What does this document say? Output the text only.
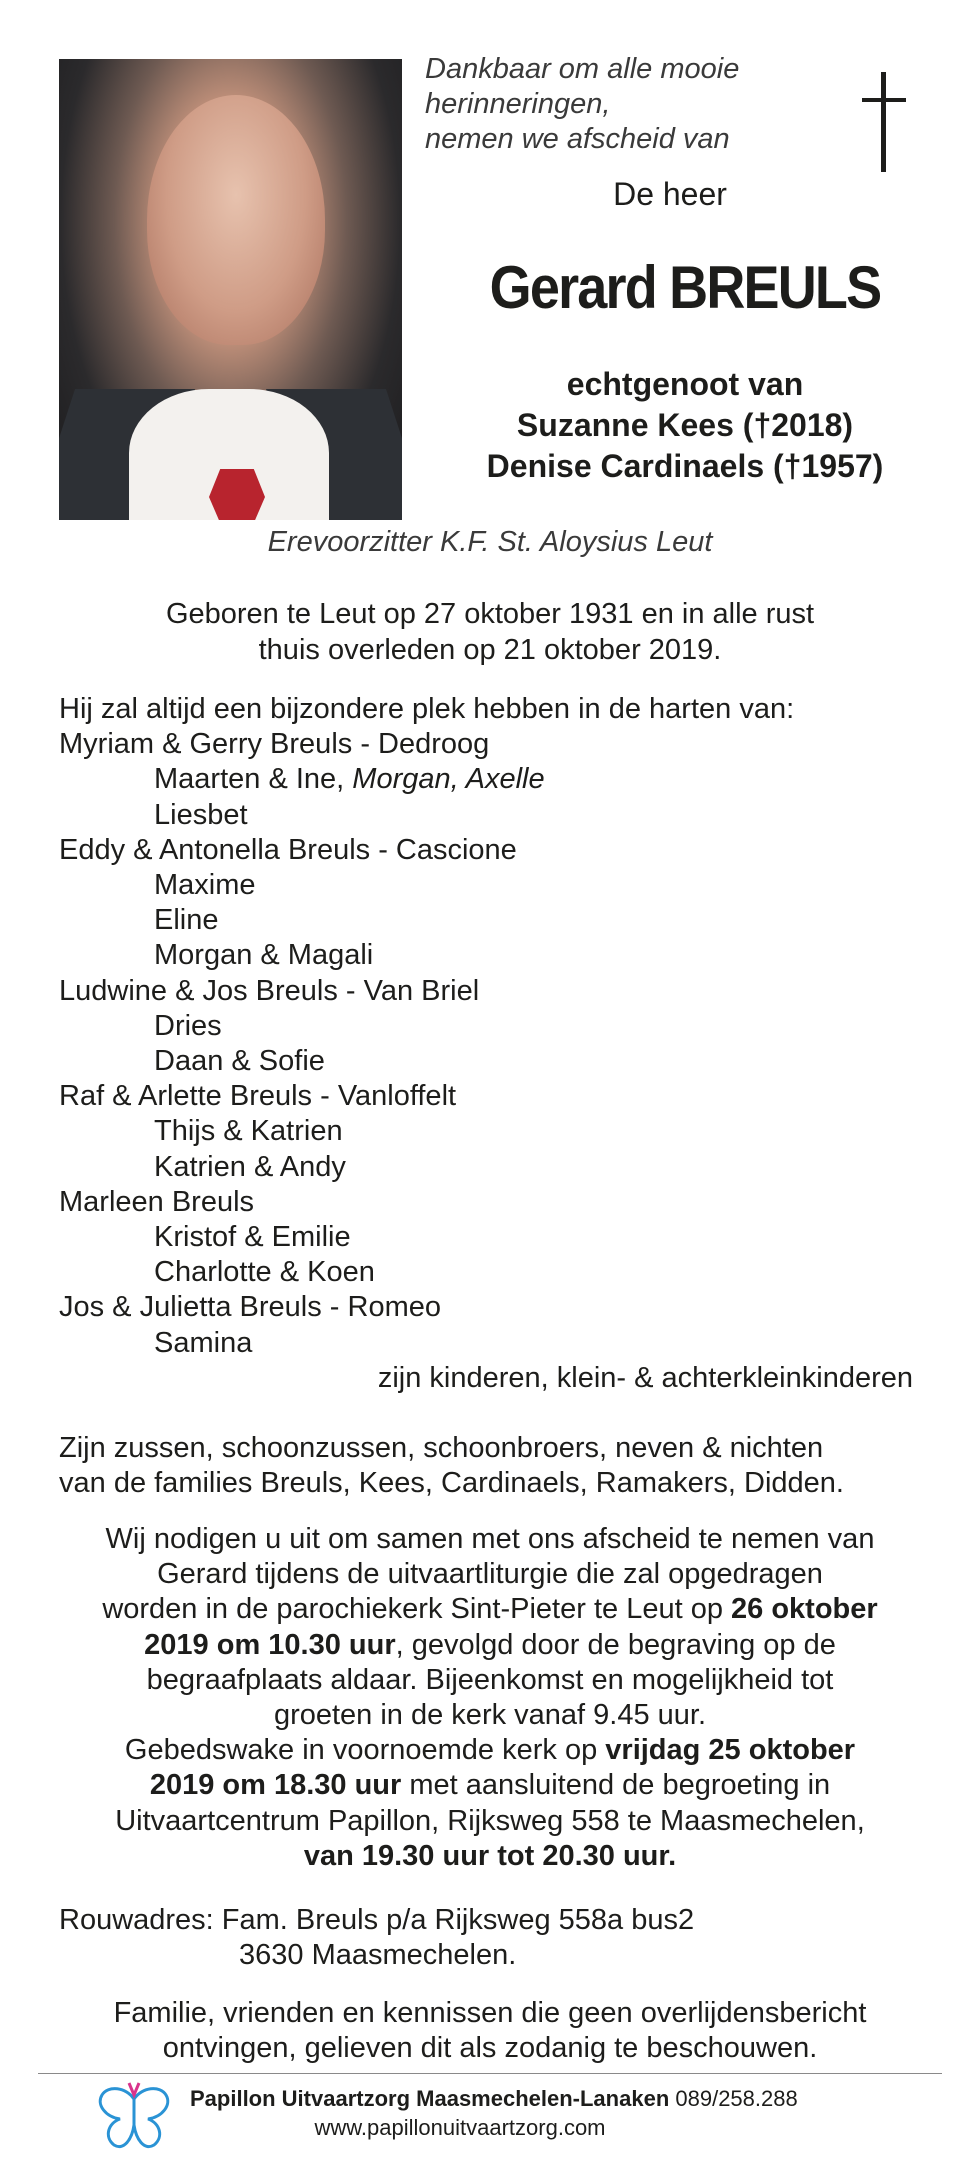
Dankbaar om alle mooie
herinneringen,
nemen we afscheid van
De heer
Gerard BREULS
echtgenoot van
Suzanne Kees (†2018)
Denise Cardinaels (†1957)
Erevoorzitter K.F. St. Aloysius Leut
Geboren te Leut op 27 oktober 1931 en in alle rust
thuis overleden op 21 oktober 2019.
Hij zal altijd een bijzondere plek hebben in de harten van:
Myriam & Gerry Breuls - Dedroog
Maarten & Ine, Morgan, Axelle
Liesbet
Eddy & Antonella Breuls - Cascione
Maxime
Eline
Morgan & Magali
Ludwine & Jos Breuls - Van Briel
Dries
Daan & Sofie
Raf & Arlette Breuls - Vanloffelt
Thijs & Katrien
Katrien & Andy
Marleen Breuls
Kristof & Emilie
Charlotte & Koen
Jos & Julietta Breuls - Romeo
Samina
zijn kinderen, klein- & achterkleinkinderen
Zijn zussen, schoonzussen, schoonbroers, neven & nichten
van de families Breuls, Kees, Cardinaels, Ramakers, Didden.
Wij nodigen u uit om samen met ons afscheid te nemen van
Gerard tijdens de uitvaartliturgie die zal opgedragen
worden in de parochiekerk Sint-Pieter te Leut op 26 oktober
2019 om 10.30 uur, gevolgd door de begraving op de
begraafplaats aldaar. Bijeenkomst en mogelijkheid tot
groeten in de kerk vanaf 9.45 uur.
Gebedswake in voornoemde kerk op vrijdag 25 oktober
2019 om 18.30 uur met aansluitend de begroeting in
Uitvaartcentrum Papillon, Rijksweg 558 te Maasmechelen,
van 19.30 uur tot 20.30 uur.
Rouwadres: Fam. Breuls p/a Rijksweg 558a bus2
3630 Maasmechelen.
Familie, vrienden en kennissen die geen overlijdensbericht
ontvingen, gelieven dit als zodanig te beschouwen.
Papillon Uitvaartzorg Maasmechelen-Lanaken 089/258.288
www.papillonuitvaartzorg.com
